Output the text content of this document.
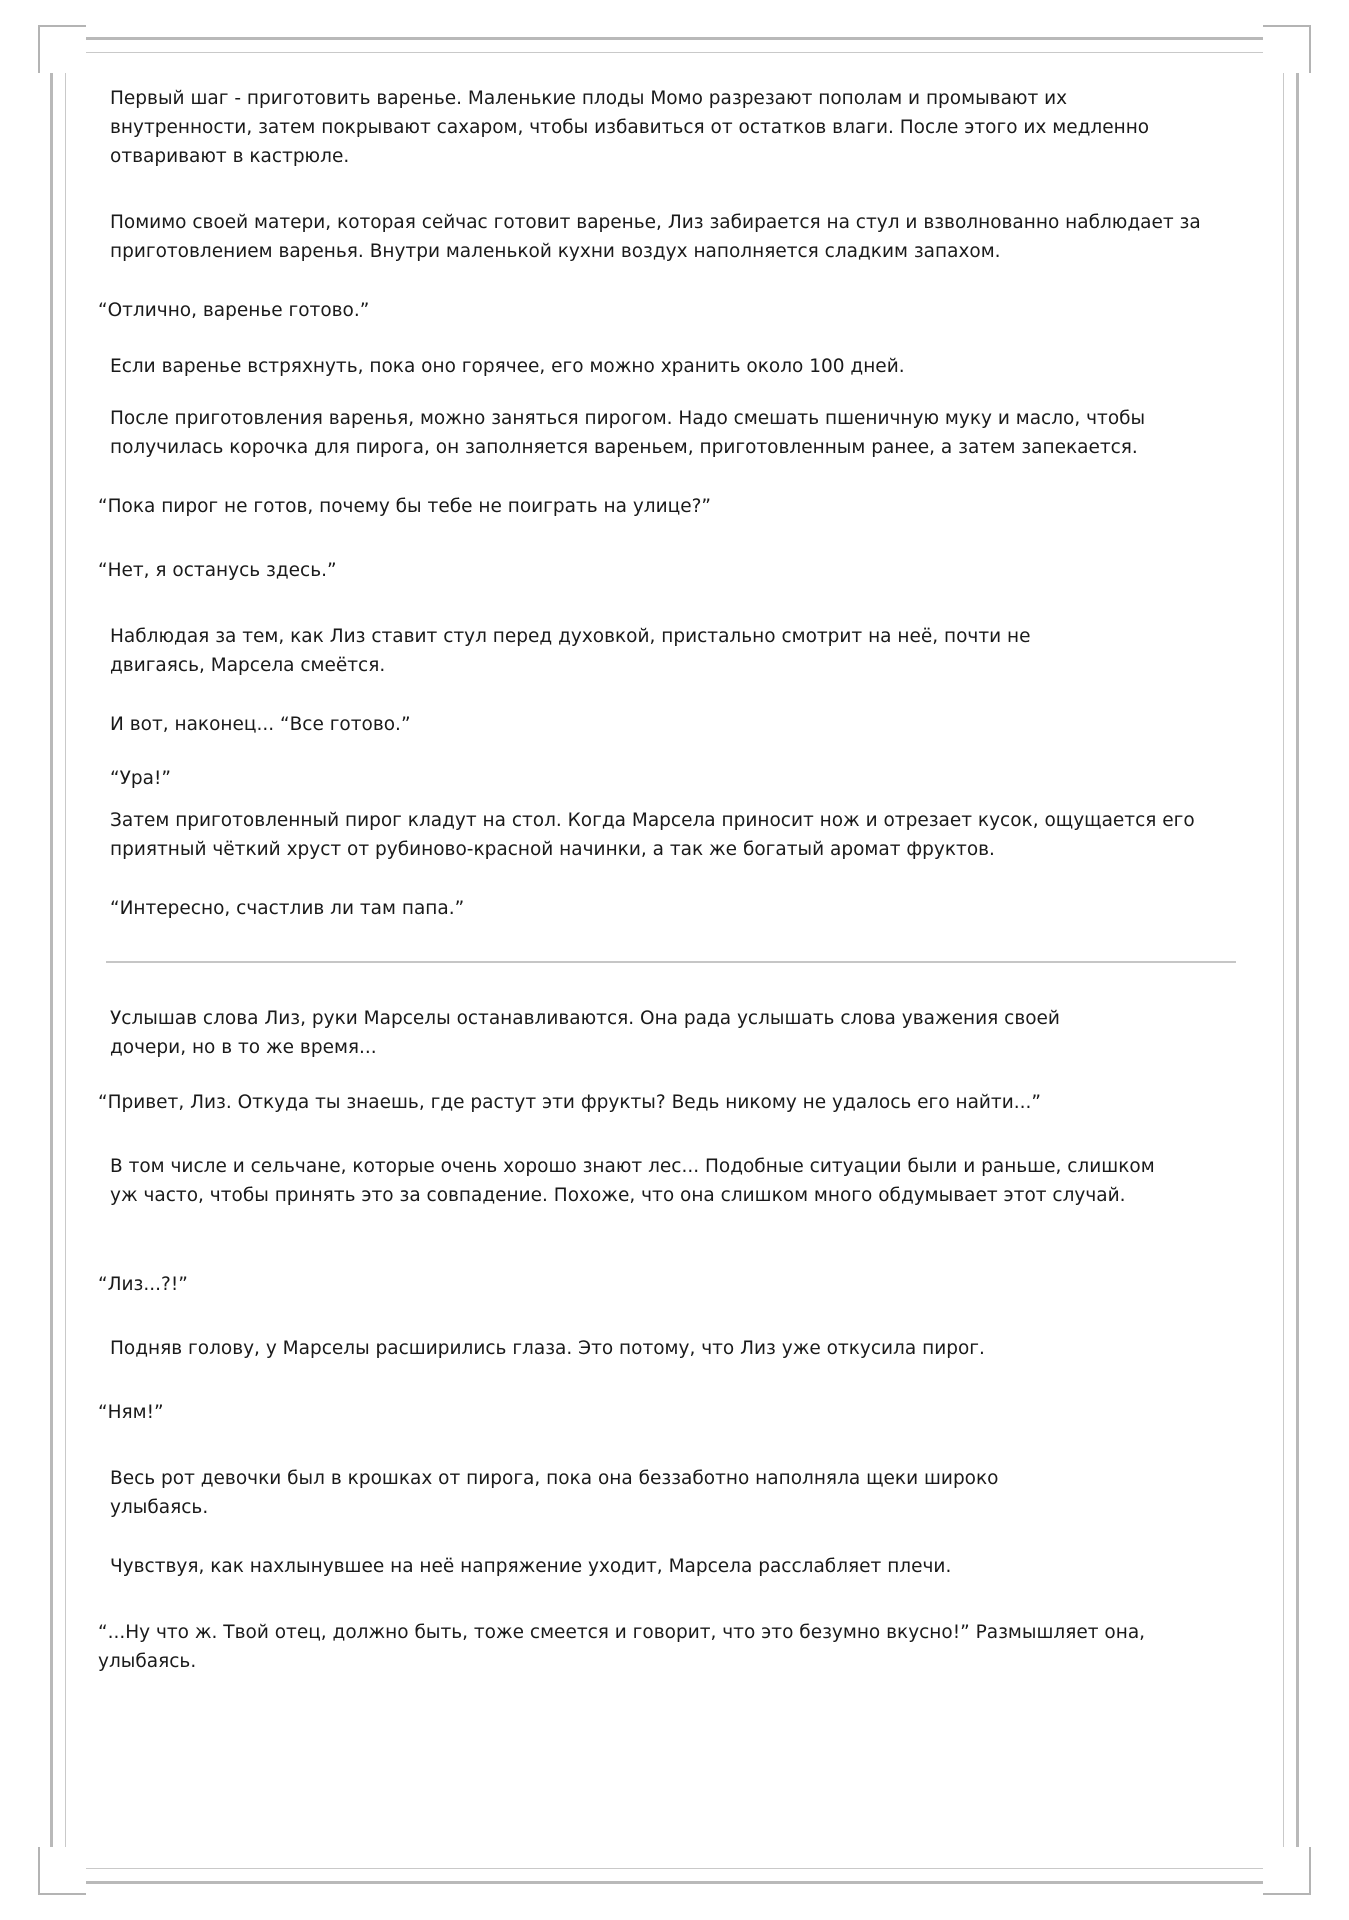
Первый шаг - приготовить варенье. Маленькие плоды Момо разрезают пополам и промывают их внутренности, затем покрывают сахаром, чтобы избавиться от остатков влаги. После этого их медленно отваривают в кастрюле.

Помимо своей матери, которая сейчас готовит варенье, Лиз забирается на стул и взволнованно наблюдает за приготовлением варенья. Внутри маленькой кухни воздух наполняется сладким запахом.

“Отлично, варенье готово.”

Если варенье встряхнуть, пока оно горячее, его можно хранить около 100 дней.

После приготовления варенья, можно заняться пирогом. Надо смешать пшеничную муку и масло, чтобы получилась корочка для пирога, он заполняется вареньем, приготовленным ранее, а затем запекается.

“Пока пирог не готов, почему бы тебе не поиграть на улице?”

“Нет, я останусь здесь.”

Наблюдая за тем, как Лиз ставит стул перед духовкой, пристально смотрит на неё, почти не двигаясь, Марсела смеётся.

И вот, наконец... “Все готово.”

“Ура!”

Затем приготовленный пирог кладут на стол. Когда Марсела приносит нож и отрезает кусок, ощущается его приятный чёткий хруст от рубиново-красной начинки, а так же богатый аромат фруктов.

“Интересно, счастлив ли там папа.”

Услышав слова Лиз, руки Марселы останавливаются. Она рада услышать слова уважения своей дочери, но в то же время...

“Привет, Лиз. Откуда ты знаешь, где растут эти фрукты? Ведь никому не удалось его найти...”

В том числе и сельчане, которые очень хорошо знают лес... Подобные ситуации были и раньше, слишком уж часто, чтобы принять это за совпадение. Похоже, что она слишком много обдумывает этот случай.

“Лиз...?!”

Подняв голову, у Марселы расширились глаза. Это потому, что Лиз уже откусила пирог.

“Ням!”

Весь рот девочки был в крошках от пирога, пока она беззаботно наполняла щеки широко улыбаясь.

Чувствуя, как нахлынувшее на неё напряжение уходит, Марсела расслабляет плечи.

“...Ну что ж. Твой отец, должно быть, тоже смеется и говорит, что это безумно вкусно!” Размышляет она, улыбаясь.
